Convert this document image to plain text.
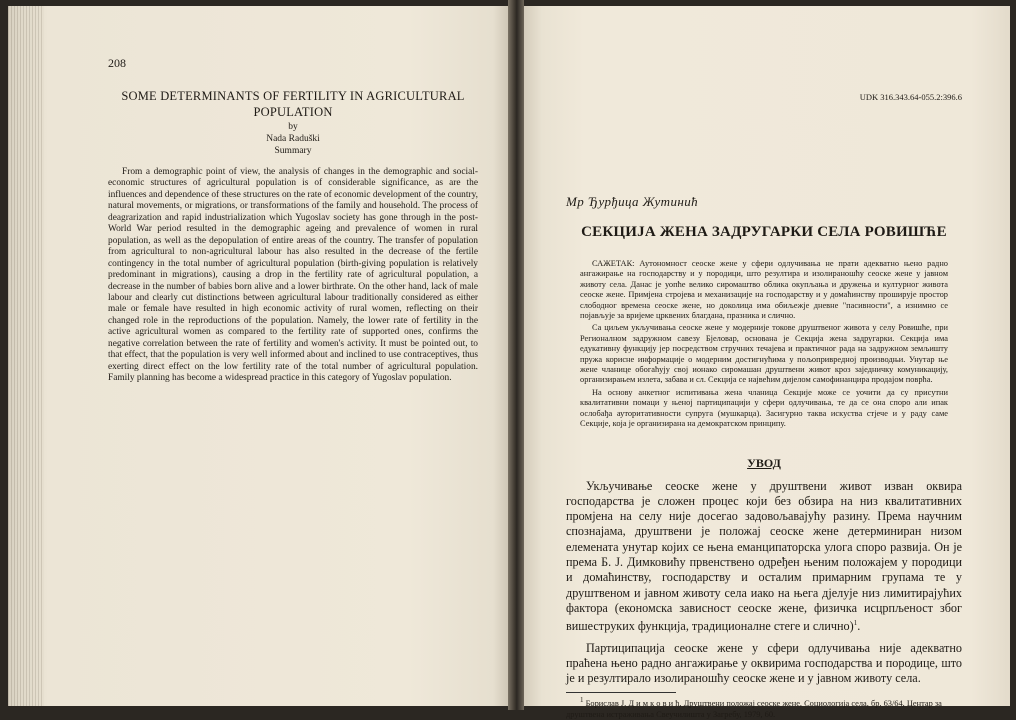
208
SOME DETERMINANTS OF FERTILITY IN AGRICULTURAL
POPULATION
by
Nada Raduški
Summary
From a demographic point of view, the analysis of changes in the demographic and social-economic structures of agricultural population is of considerable significance, as are the influences and dependence of these structures on the rate of economic development of the country, natural movements, or migrations, or transformations of the family and household. The process of deagrarization and rapid industrialization which Yugoslav society has gone through in the post-World War period resulted in the demographic ageing and prevalence of women in rural population, as well as the depopulation of entire areas of the country. The transfer of population from agricultural to non-agricultural labour has also resulted in the decrease of the fertile contingency in the total number of agricultural population (birth-giving population is relatively predominant in migrations), causing a drop in the fertility rate of agricultural population, a decrease in the number of babies born alive and a lower birthrate. On the other hand, lack of male labour and clearly cut distinctions between agricultural labour traditionally considered as either male or female have resulted in high economic activity of rural women, reflecting on their changed role in the reproductions of the population. Namely, the lower rate of fertility in the active agricultural women as compared to the fertility rate of supported ones, confirms the negative correlation between the rate of fertility and women's activity. It must be pointed out, to that effect, that the population is very well informed about and inclined to use contraceptives, thus exerting direct effect on the low fertility rate of the total number of agricultural population. Family planning has become a widespread practice in this category of Yugoslav population.
UDK 316.343.64-055.2:396.6
Мр Ђурђица Жутинић
СЕКЦИЈА ЖЕНА ЗАДРУГАРКИ СЕЛА РОВИШЋЕ

САЖЕТАК: Аутономност сеоске жене у сфери одлучивања не прати адекватно њено радно ангажирање на господарству и у породици, што резултира и изолираношћу сеоске жене у јавном животу села. Данас је уопће велико сиромаштво облика окупљања и дружења и културног живота сеоске жене. Примјена стројева и механизације на господарству и у домаћинству проширује простор слободног времена сеоске жене, но доколица има обиљежје дневне "пасивности", а изнимно се појављује за вријеме црквених благдана, празника и слично.

Са циљем укључивања сеоске жене у модерније токове друштвеног живота у селу Ровишће, при Регионалном задружном савезу Бјеловар, основана је Секција жена задругарки. Секција има едукативну функцију јер посредством стручних течајева и практичног рада на задружном земљишту пружа корисне информације о модерним достигнућима у пољопривредној производњи. Унутар ње жене чланице обогаћују свој ионако сиромашан друштвени живот кроз заједничку комуникацију, организирањем излета, забава и сл. Секција се највећим дијелом самофинанцира продајом поврћа.

На основу анкетног испитивања жена чланица Секције може се уочити да су присутни квалитативни помаци у њеној партиципацији у сфери одлучивања, те да се она споро али ипак ослобађа ауторитативности супруга (мушкарца). Засигурно таква искуства стјече и у раду саме Секције, која је организирана на демократском принципу.

УВОД

Укључивање сеоске жене у друштвени живот изван оквира господарства је сложен процес који без обзира на низ квалитативних промјена на селу није досегао задовољавајућу разину. Према научним спознајама, друштвени је положај сеоске жене детерминиран низом елемената унутар којих се њена еманципаторска улога споро развија. Он је према Б. Ј. Димковићу првенствено одређен њеним положајем у породици и домаћинству, господарству и осталим примарним групама те у друштвеном и јавном животу села иако на њега дјелује низ лимитирајућих фактора (економска зависност сеоске жене, физичка исцрпљеност због вишеструких функција, традиционалне стеге и слично)$^1$.

Партиципација сеоске жене у сфери одлучивања није адекватно праћена њено радно ангажирање у оквирима господарства и породице, што је и резултирало изолираношћу сеоске жене и у јавном животу села.

$^1$ Борислав Ј. Д и м к о в и ћ, Друштвени положај сеоске жене, Социологија села, бр. 63/64, Центар за друштвена истраживања Свеучилишта у Загребу, 1979, 60.
